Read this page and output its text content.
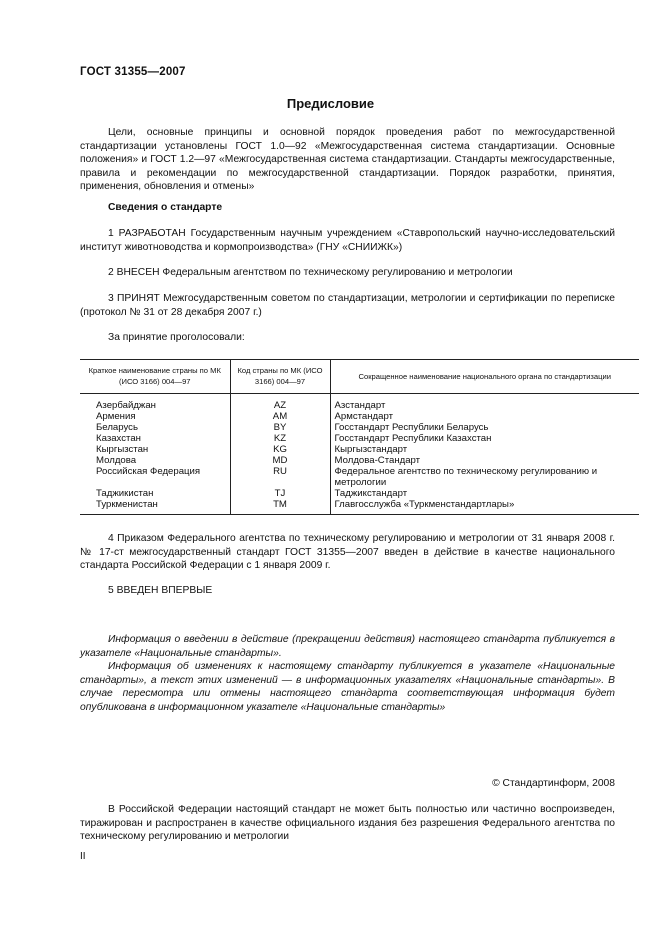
ГОСТ 31355—2007
Предисловие
Цели, основные принципы и основной порядок проведения работ по межгосударственной стандартизации установлены ГОСТ 1.0—92 «Межгосударственная система стандартизации. Основные положения» и ГОСТ 1.2—97 «Межгосударственная система стандартизации. Стандарты межгосударственные, правила и рекомендации по межгосударственной стандартизации. Порядок разработки, принятия, применения, обновления и отмены»
Сведения о стандарте
1 РАЗРАБОТАН Государственным научным учреждением «Ставропольский научно-исследовательский институт животноводства и кормопроизводства» (ГНУ «СНИИЖК»)
2 ВНЕСЕН Федеральным агентством по техническому регулированию и метрологии
3 ПРИНЯТ Межгосударственным советом по стандартизации, метрологии и сертификации по переписке (протокол № 31 от 28 декабря 2007 г.)
За принятие проголосовали:
Краткое наименование страны по МК (ИСО 3166) 004—97	Код страны по МК (ИСО 3166) 004—97	Сокращенное наименование национального органа по стандартизации
Азербайджан	AZ	Азстандарт
Армения	AM	Армстандарт
Беларусь	BY	Госстандарт Республики Беларусь
Казахстан	KZ	Госстандарт Республики Казахстан
Кыргызстан	KG	Кыргызстандарт
Молдова	MD	Молдова-Стандарт
Российская Федерация	RU	Федеральное агентство по техническому регулированию и метрологии
Таджикистан	TJ	Таджикстандарт
Туркменистан	TM	Главгосслужба «Туркменстандартлары»
4 Приказом Федерального агентства по техническому регулированию и метрологии от 31 января 2008 г. № 17-ст межгосударственный стандарт ГОСТ 31355—2007 введен в действие в качестве национального стандарта Российской Федерации с 1 января 2009 г.
5 ВВЕДЕН ВПЕРВЫЕ
Информация о введении в действие (прекращении действия) настоящего стандарта публикуется в указателе «Национальные стандарты».
Информация об изменениях к настоящему стандарту публикуется в указателе «Национальные стандарты», а текст этих изменений — в информационных указателях «Национальные стандарты». В случае пересмотра или отмены настоящего стандарта соответствующая информация будет опубликована в информационном указателе «Национальные стандарты»
© Стандартинформ, 2008
В Российской Федерации настоящий стандарт не может быть полностью или частично воспроизведен, тиражирован и распространен в качестве официального издания без разрешения Федерального агентства по техническому регулированию и метрологии
II
